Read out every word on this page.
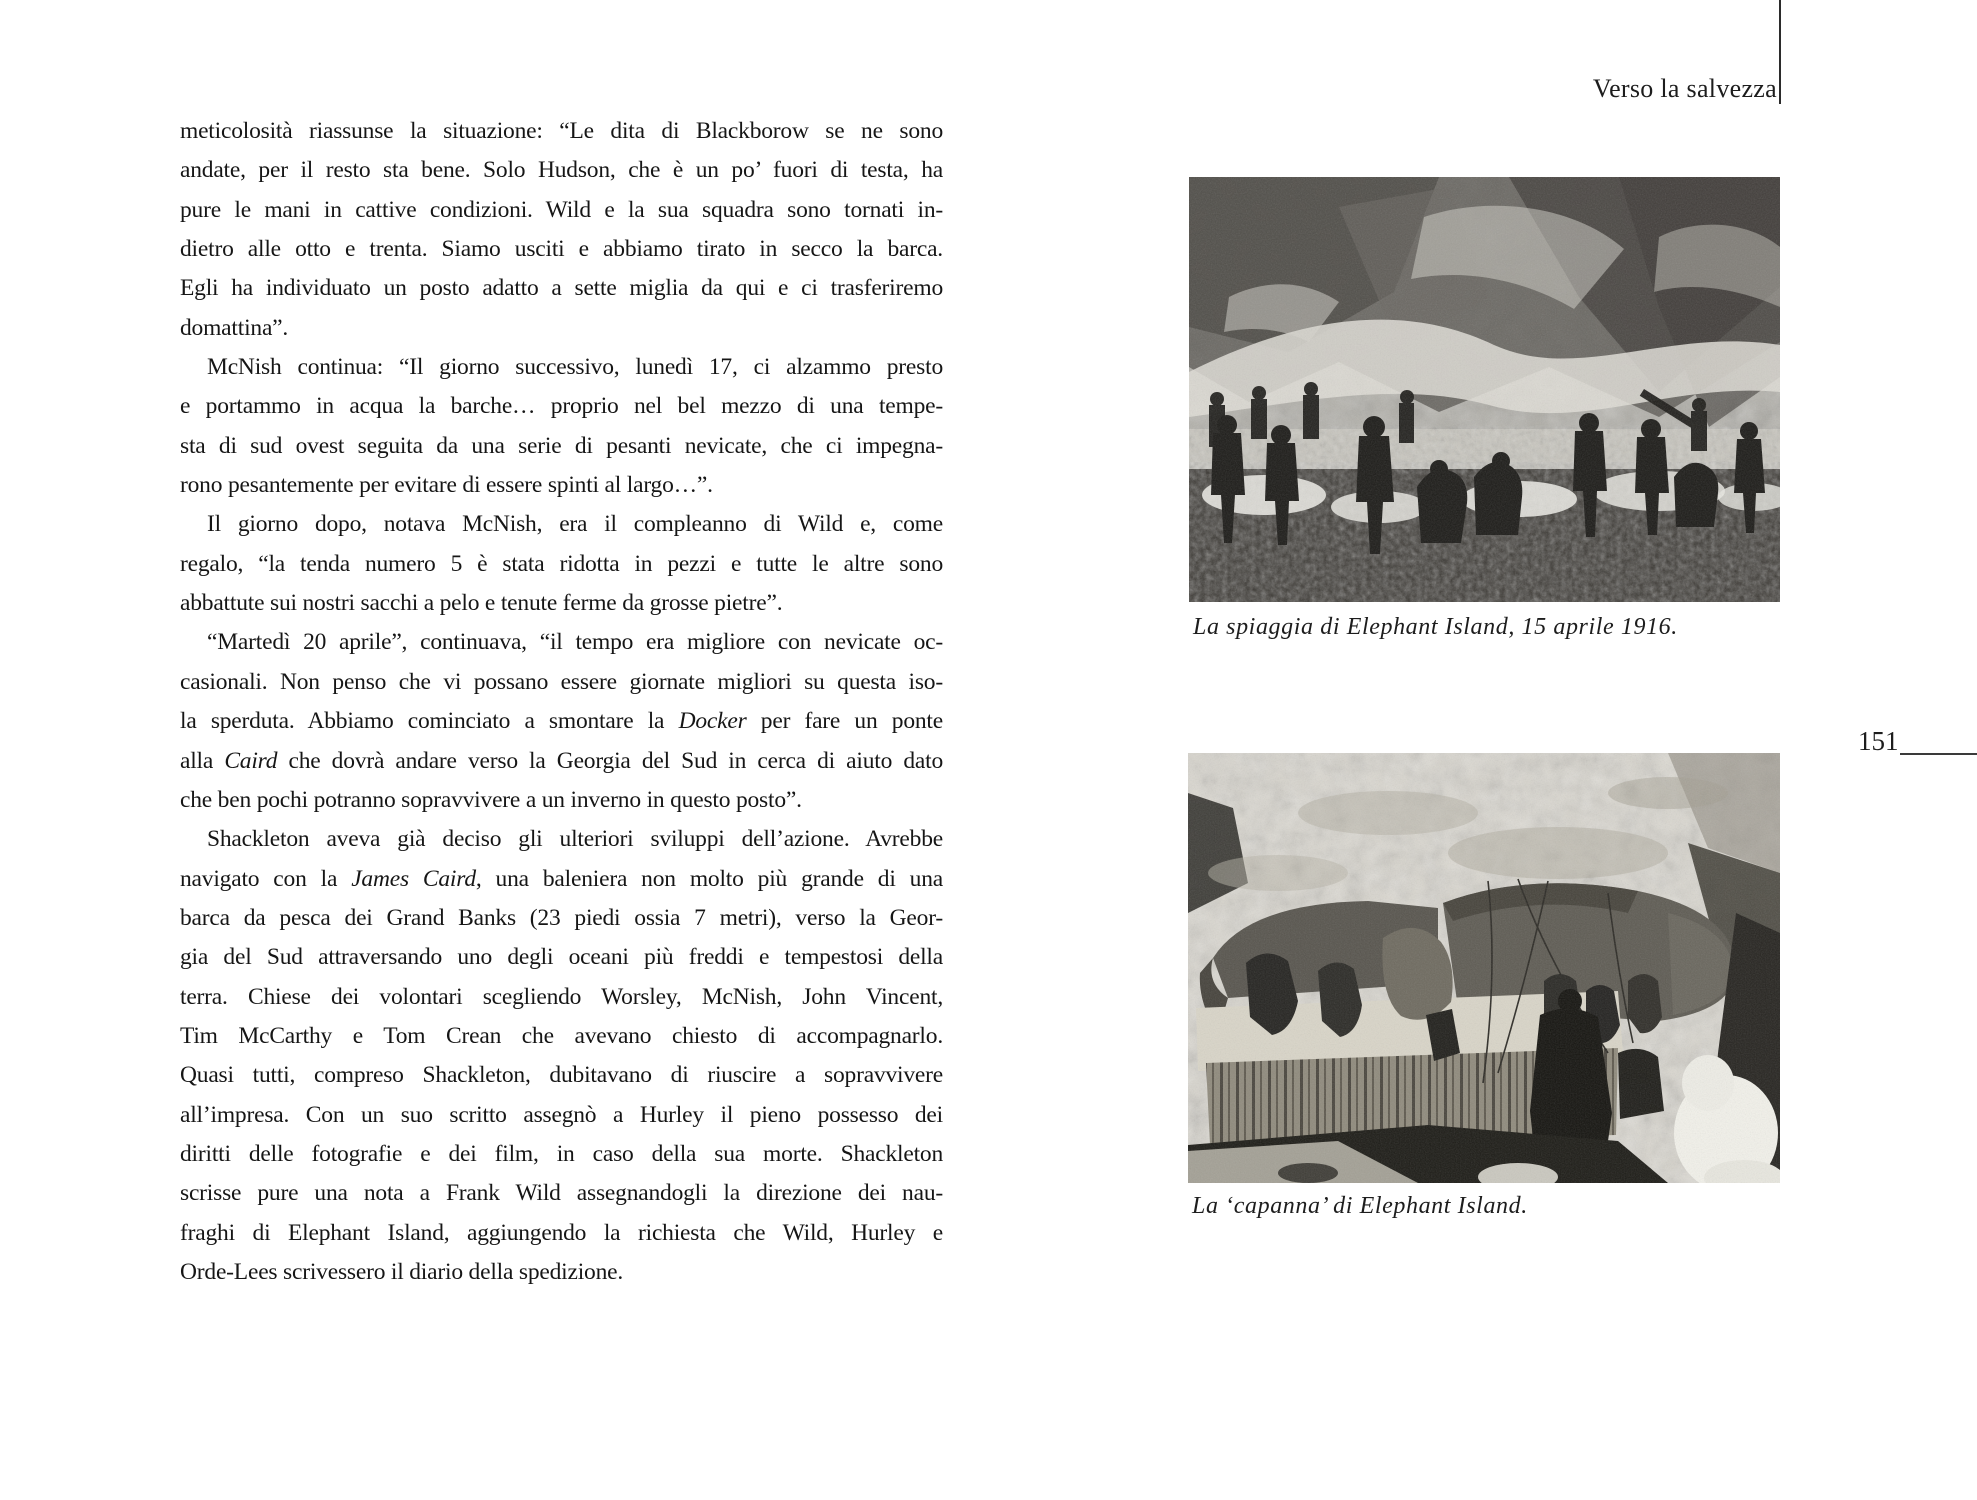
Verso la salvezza
meticolosità riassunse la situazione: “Le dita di Blackborow se ne sono
andate, per il resto sta bene. Solo Hudson, che è un po’ fuori di testa, ha
pure le mani in cattive condizioni. Wild e la sua squadra sono tornati in-
dietro alle otto e trenta. Siamo usciti e abbiamo tirato in secco la barca.
Egli ha individuato un posto adatto a sette miglia da qui e ci trasferiremo
domattina”.
McNish continua: “Il giorno successivo, lunedì 17, ci alzammo presto
e portammo in acqua la barche… proprio nel bel mezzo di una tempe-
sta di sud ovest seguita da una serie di pesanti nevicate, che ci impegna-
rono pesantemente per evitare di essere spinti al largo…”.
Il giorno dopo, notava McNish, era il compleanno di Wild e, come
regalo, “la tenda numero 5 è stata ridotta in pezzi e tutte le altre sono
abbattute sui nostri sacchi a pelo e tenute ferme da grosse pietre”.
“Martedì 20 aprile”, continuava, “il tempo era migliore con nevicate oc-
casionali. Non penso che vi possano essere giornate migliori su questa iso-
la sperduta. Abbiamo cominciato a smontare la Docker per fare un ponte
alla Caird che dovrà andare verso la Georgia del Sud in cerca di aiuto dato
che ben pochi potranno sopravvivere a un inverno in questo posto”.
Shackleton aveva già deciso gli ulteriori sviluppi dell’azione. Avrebbe
navigato con la James Caird, una baleniera non molto più grande di una
barca da pesca dei Grand Banks (23 piedi ossia 7 metri), verso la Geor-
gia del Sud attraversando uno degli oceani più freddi e tempestosi della
terra. Chiese dei volontari scegliendo Worsley, McNish, John Vincent,
Tim McCarthy e Tom Crean che avevano chiesto di accompagnarlo.
Quasi tutti, compreso Shackleton, dubitavano di riuscire a sopravvivere
all’impresa. Con un suo scritto assegnò a Hurley il pieno possesso dei
diritti delle fotografie e dei film, in caso della sua morte. Shackleton
scrisse pure una nota a Frank Wild assegnandogli la direzione dei nau-
fraghi di Elephant Island, aggiungendo la richiesta che Wild, Hurley e
Orde-Lees scrivessero il diario della spedizione.
La spiaggia di Elephant Island, 15 aprile 1916.
La ‘capanna’ di Elephant Island.
151
